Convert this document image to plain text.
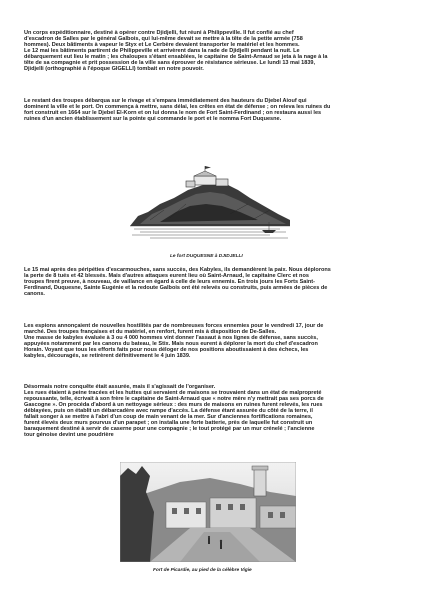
Un corps expéditionnaire, destiné à opérer contre Djidjelli, fut réuni à Philippeville. Il fut confié au chef
d'escadron de Salles par le général Galbois, qui lui-même devait se mettre à la tête de la petite armée (758
hommes). Deux bâtiments à vapeur le Styx et Le Cerbère devaient transporter le matériel et les hommes.
Le 12 mai les bâtiments partirent de Philippeville et arrivèrent dans la rade de Djidjelli pendant la nuit. Le
débarquement eut lieu le matin ; les chaloupes s'étant ensablées, le capitaine de Saint-Arnaud se jeta à la nage à la
tête de sa compagnie et prit possession de la ville sans éprouver de résistance sérieuse. Le lundi 13 mai 1839,
Djidjelli (orthographié à l'époque GIGELLI) tombait en notre pouvoir.
Le restant des troupes débarqua sur le rivage et s'empara immédiatement des hauteurs du Djebel Aiouf qui
dominent la ville et le port. On commença à mettre, sans délai, les crêtes en état de défense ; on releva les ruines du
fort construit en 1664 sur le Djebel El-Korn et on lui donna le nom de Fort Saint-Ferdinand ; on restaura aussi les
ruines d'un ancien établissement sur la pointe qui commande le port et le nomma Fort Duquesne.
Le fort DUQUESNE à DJIDJELLI
Le 15 mai après des péripéties d'escarmouches, sans succès, des Kabyles, ils demandèrent la paix. Nous déplorons
la perte de 8 tués et 42 blessés. Mais d'autres attaques eurent lieu où Saint-Arnaud, le capitaine Clerc et nos
troupes firent preuve, à nouveau, de vaillance en égard à celle de leurs ennemis. En trois jours les Forts Saint-
Ferdinand, Duquesne, Sainte Eugénie et la redoute Galbois ont été relevés ou construits, puis armées de pièces de
canons.
Les espions annonçaient de nouvelles hostilités par de nombreuses forces ennemies pour le vendredi 17, jour de
marché. Des troupes françaises et du matériel, en renfort, furent mis à disposition de De-Salles.
Une masse de kabyles évaluée à 3 ou 4 000 hommes vint donner l'assaut à nos lignes de défense, sans succès,
appuyées notamment par les canons du bateau, le Stix. Mais nous eurent à déplorer la mort du chef d'escadron
Horain. Voyant que tous les efforts faits pour nous déloger de nos positions aboutissaient à des échecs, les
kabyles, découragés, se retirèrent définitivement le 4 juin 1839.
Désormais notre conquête était assurée, mais il s'agissait de l'organiser.
Les rues étaient à peine tracées et les huttes qui servaient de maisons se trouvaient dans un état de malpropreté
repoussante, telle, écrivait à son frère le capitaine de Saint-Arnaud que « notre mère n'y mettrait pas ses porcs de
Gascogne ». On procéda d'abord à un nettoyage sérieux : des murs de maisons en ruines furent relevés, les rues
déblayées, puis on établit un débarcadère avec rampe d'accès. La défense étant assurée du côté de la terre, il
fallait songer à se mettre à l'abri d'un coup de main venant de la mer. Sur d'anciennes fortifications romaines,
furent élevés deux murs pourvus d'un parapet ; on installa une forte batterie, près de laquelle fut construit un
baraquement destiné à servir de caserne pour une compagnie ; le tout protégé par un mur crénelé ; l'ancienne
tour génoise devint une poudrière
Fort de Picardie, au pied de la célèbre Vigie
